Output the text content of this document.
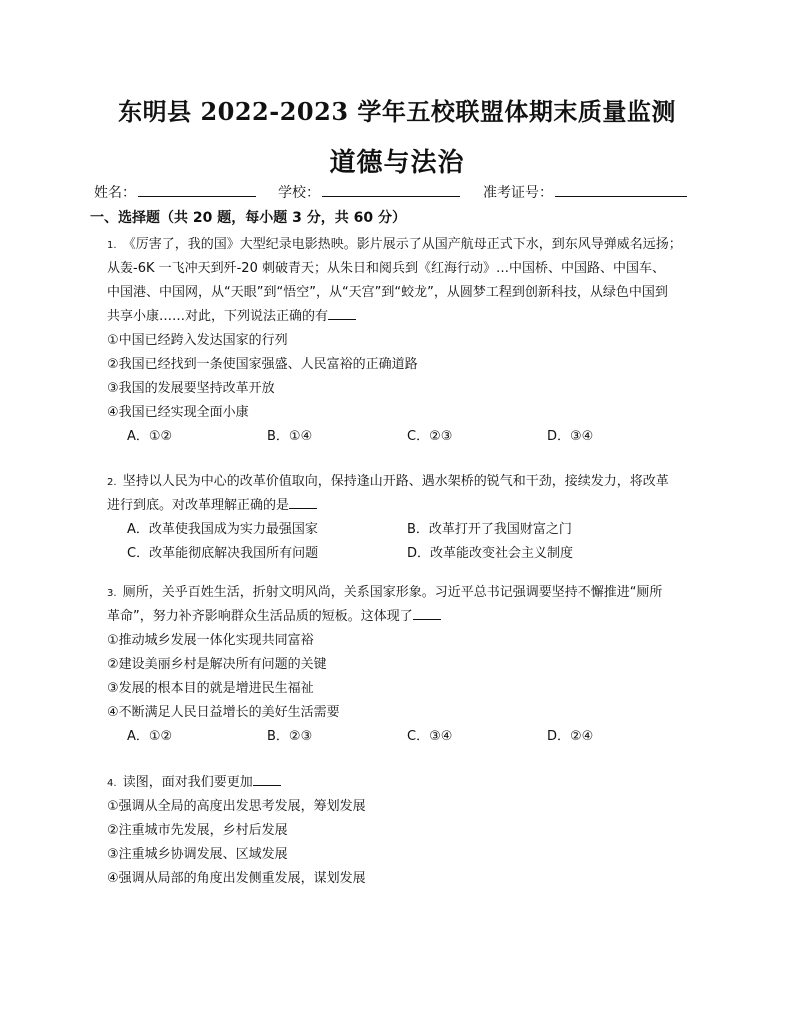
东明县 2022-2023 学年五校联盟体期末质量监测
道德与法治
姓名：	学校：	准考证号：
一、选择题（共 20 题，每小题 3 分，共 60 分）
1. 《厉害了，我的国》大型纪录电影热映。影片展示了从国产航母正式下水，到东风导弹威名远扬；
从轰-6K 一飞冲天到歼-20 刺破青天；从朱日和阅兵到《红海行动》…中国桥、中国路、中国车、
中国港、中国网，从“天眼”到“悟空”，从“天宫”到“蛟龙”，从圆梦工程到创新科技，从绿色中国到
共享小康……对此，下列说法正确的有
①中国已经跨入发达国家的行列
②我国已经找到一条使国家强盛、人民富裕的正确道路
③我国的发展要坚持改革开放
④我国已经实现全面小康
A．①②	B．①④	C．②③	D．③④
2. 坚持以人民为中心的改革价值取向，保持逢山开路、遇水架桥的锐气和干劲，接续发力，将改革
进行到底。对改革理解正确的是
A．改革使我国成为实力最强国家	B．改革打开了我国财富之门
C．改革能彻底解决我国所有问题	D．改革能改变社会主义制度
3. 厕所，关乎百姓生活，折射文明风尚，关系国家形象。习近平总书记强调要坚持不懈推进“厕所
革命”，努力补齐影响群众生活品质的短板。这体现了
①推动城乡发展一体化实现共同富裕
②建设美丽乡村是解决所有问题的关键
③发展的根本目的就是增进民生福祉
④不断满足人民日益增长的美好生活需要
A．①②	B．②③	C．③④	D．②④
4. 读图，面对我们要更加
①强调从全局的高度出发思考发展，筹划发展
②注重城市先发展，乡村后发展
③注重城乡协调发展、区域发展
④强调从局部的角度出发侧重发展，谋划发展
